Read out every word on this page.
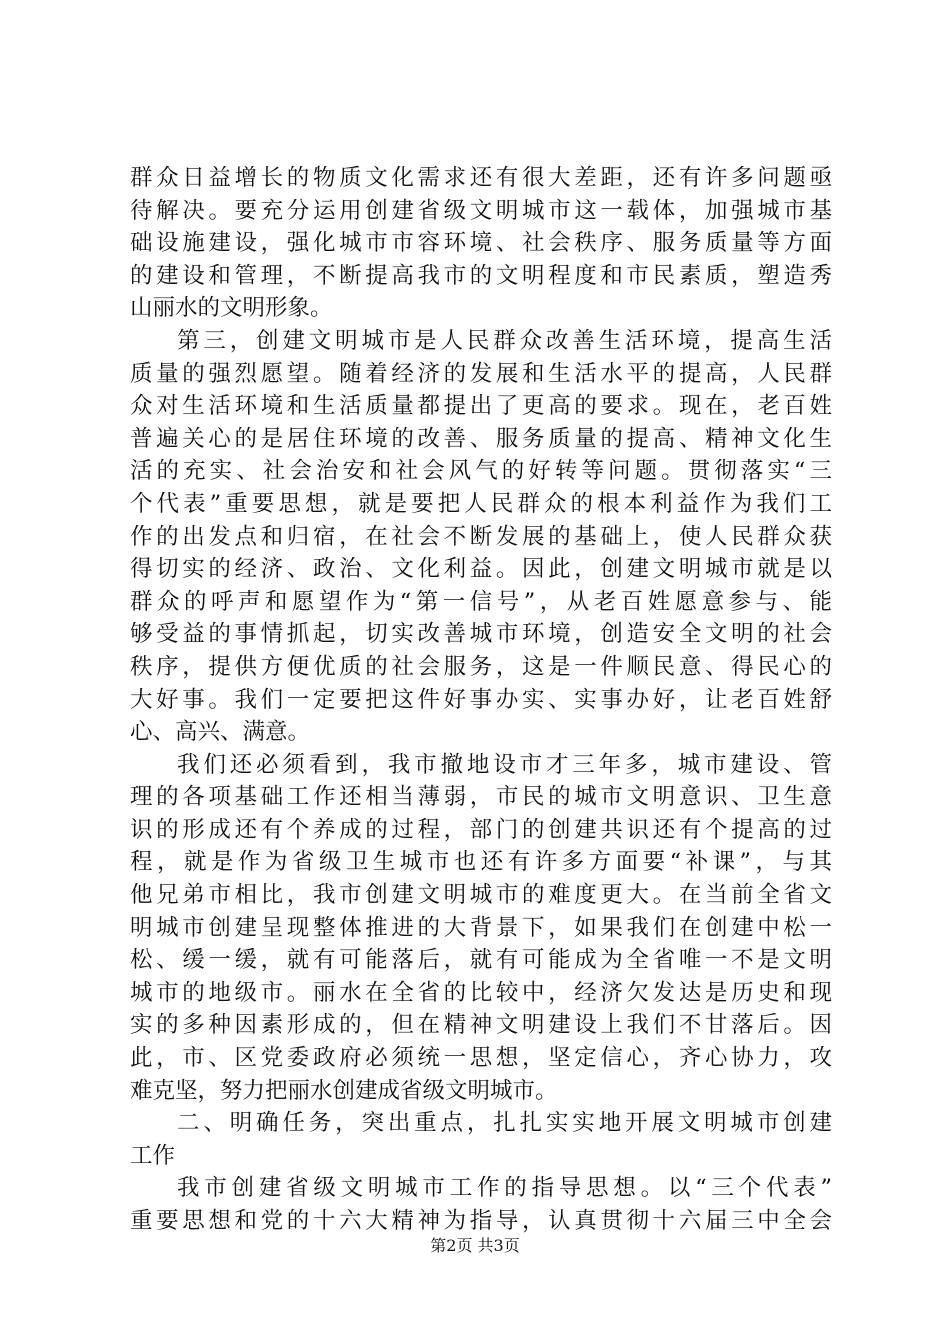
群众日益增长的物质文化需求还有很大差距，还有许多问题亟
待解决。要充分运用创建省级文明城市这一载体，加强城市基
础设施建设，强化城市市容环境、社会秩序、服务质量等方面
的建设和管理，不断提高我市的文明程度和市民素质，塑造秀
山丽水的文明形象。
第三，创建文明城市是人民群众改善生活环境，提高生活
质量的强烈愿望。随着经济的发展和生活水平的提高，人民群
众对生活环境和生活质量都提出了更高的要求。现在，老百姓
普遍关心的是居住环境的改善、服务质量的提高、精神文化生
活的充实、社会治安和社会风气的好转等问题。贯彻落实“三
个代表”重要思想，就是要把人民群众的根本利益作为我们工
作的出发点和归宿，在社会不断发展的基础上，使人民群众获
得切实的经济、政治、文化利益。因此，创建文明城市就是以
群众的呼声和愿望作为“第一信号”，从老百姓愿意参与、能
够受益的事情抓起，切实改善城市环境，创造安全文明的社会
秩序，提供方便优质的社会服务，这是一件顺民意、得民心的
大好事。我们一定要把这件好事办实、实事办好，让老百姓舒
心、高兴、满意。
我们还必须看到，我市撤地设市才三年多，城市建设、管
理的各项基础工作还相当薄弱，市民的城市文明意识、卫生意
识的形成还有个养成的过程，部门的创建共识还有个提高的过
程，就是作为省级卫生城市也还有许多方面要“补课”，与其
他兄弟市相比，我市创建文明城市的难度更大。在当前全省文
明城市创建呈现整体推进的大背景下，如果我们在创建中松一
松、缓一缓，就有可能落后，就有可能成为全省唯一不是文明
城市的地级市。丽水在全省的比较中，经济欠发达是历史和现
实的多种因素形成的，但在精神文明建设上我们不甘落后。因
此，市、区党委政府必须统一思想，坚定信心，齐心协力，攻
难克坚，努力把丽水创建成省级文明城市。
二、明确任务，突出重点，扎扎实实地开展文明城市创建
工作
我市创建省级文明城市工作的指导思想。以“三个代表”
重要思想和党的十六大精神为指导，认真贯彻十六届三中全会
第2页 共3页
